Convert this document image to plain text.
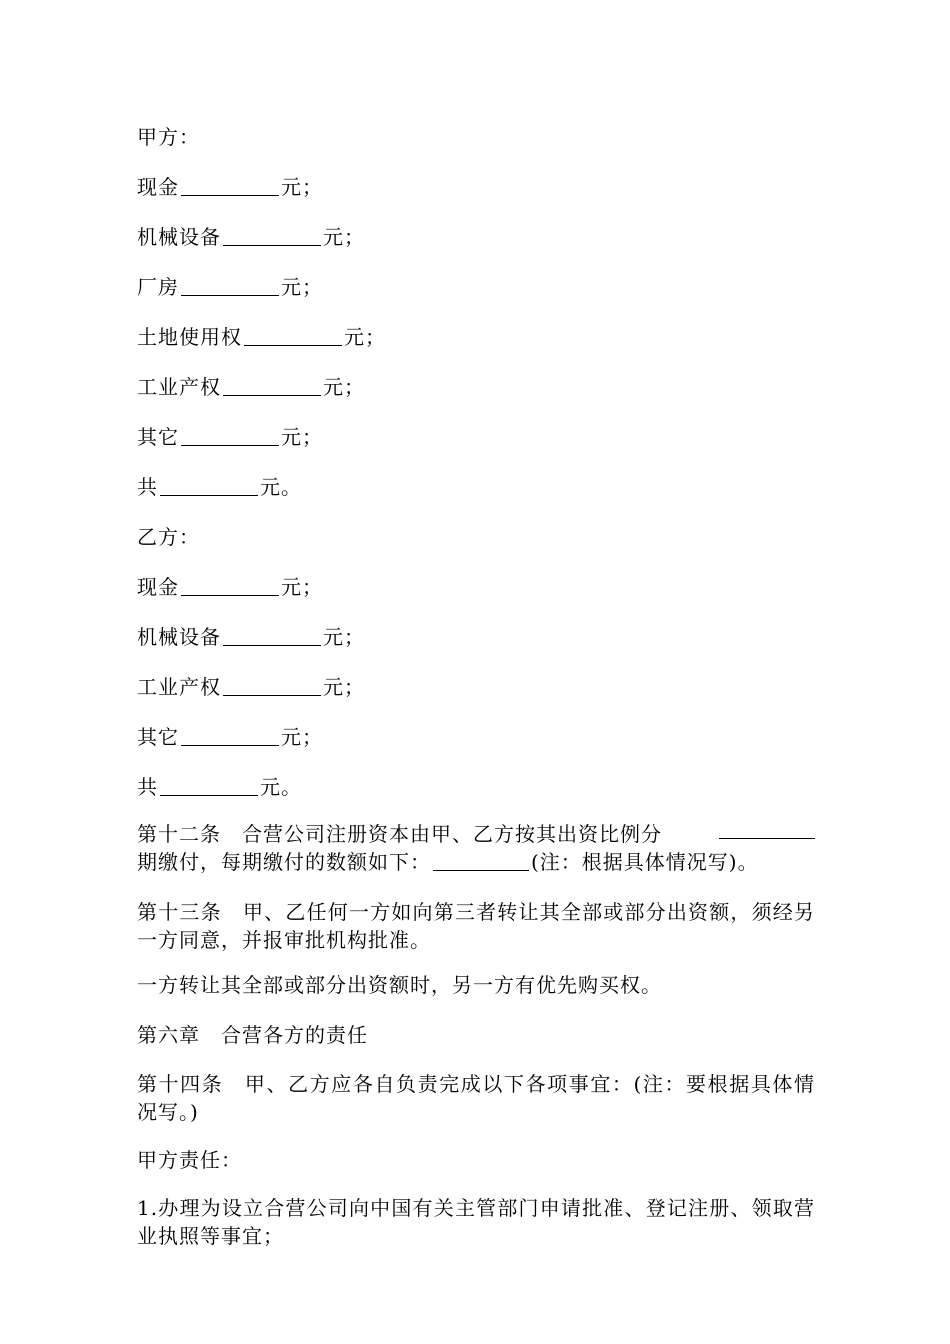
甲方：
现金	元；
机械设备	元；
厂房	元；
土地使用权	元；
工业产权	元；
其它	元；
共	元。
乙方：
现金	元；
机械设备	元；
工业产权	元；
其它	元；
共	元。
第十二条　合营公司注册资本由甲、乙方按其出资比例分
期缴付，每期缴付的数额如下：	(注：根据具体情况写)。
第十三条　甲、乙任何一方如向第三者转让其全部或部分出资额，须经另一方同意，并报审批机构批准。
一方转让其全部或部分出资额时，另一方有优先购买权。
第六章　合营各方的责任
第十四条　甲、乙方应各自负责完成以下各项事宜：(注：要根据具体情况写。)
甲方责任：
1.办理为设立合营公司向中国有关主管部门申请批准、登记注册、领取营业执照等事宜；
